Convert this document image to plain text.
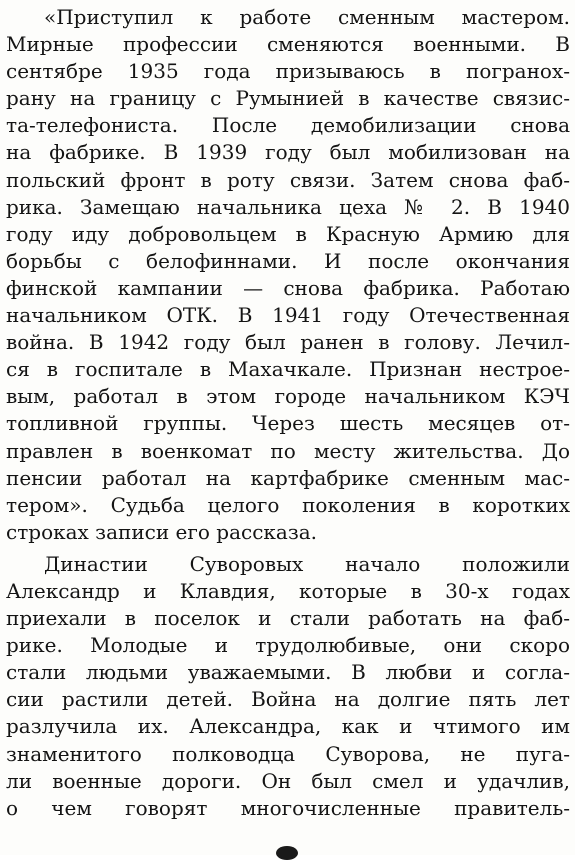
«Приступил к работе сменным мастером.
Мирные профессии сменяются военными. В
сентябре 1935 года призываюсь в погранох-
рану на границу с Румынией в качестве связис-
та-телефониста. После демобилизации снова
на фабрике. В 1939 году был мобилизован на
польский фронт в роту связи. Затем снова фаб-
рика. Замещаю начальника цеха № 2. В 1940
году иду добровольцем в Красную Армию для
борьбы с белофиннами. И после окончания
финской кампании — снова фабрика. Работаю
начальником ОТК. В 1941 году Отечественная
война. В 1942 году был ранен в голову. Лечил-
ся в госпитале в Махачкале. Признан нестрое-
вым, работал в этом городе начальником КЭЧ
топливной группы. Через шесть месяцев от-
правлен в военкомат по месту жительства. До
пенсии работал на картфабрике сменным мас-
тером». Судьба целого поколения в коротких
строках записи его рассказа.
Династии Суворовых начало положили
Александр и Клавдия, которые в 30-х годах
приехали в поселок и стали работать на фаб-
рике. Молодые и трудолюбивые, они скоро
стали людьми уважаемыми. В любви и согла-
сии растили детей. Война на долгие пять лет
разлучила их. Александра, как и чтимого им
знаменитого полководца Суворова, не пуга-
ли военные дороги. Он был смел и удачлив,
о чем говорят многочисленные правитель-
